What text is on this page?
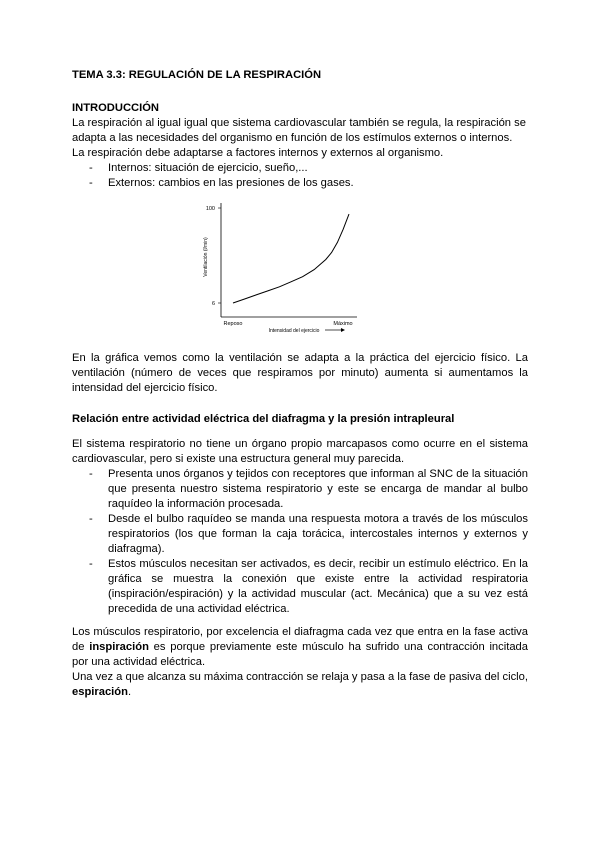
TEMA 3.3: REGULACIÓN DE LA RESPIRACIÓN

INTRODUCCIÓN

La respiración al igual igual que sistema cardiovascular también se regula, la respiración se adapta a las necesidades del organismo en función de los estímulos externos o internos.

La respiración debe adaptarse a factores internos y externos al organismo.

- Internos: situación de ejercicio, sueño,...
- Externos: cambios en las presiones de los gases.
100
6
Ventilación (l/min)
Reposo	Máximo
Intensidad del ejercicio

En la gráfica vemos como la ventilación se adapta a la práctica del ejercicio físico. La ventilación (número de veces que respiramos por minuto) aumenta si aumentamos la intensidad del ejercicio físico.

Relación entre actividad eléctrica del diafragma y la presión intrapleural

El sistema respiratorio no tiene un órgano propio marcapasos como ocurre en el sistema cardiovascular, pero si existe una estructura general muy parecida.

- Presenta unos órganos y tejidos con receptores que informan al SNC de la situación que presenta nuestro sistema respiratorio y este se encarga de mandar al bulbo raquídeo la información procesada.
- Desde el bulbo raquídeo se manda una respuesta motora a través de los músculos respiratorios (los que forman la caja torácica, intercostales internos y externos y diafragma).
- Estos músculos necesitan ser activados, es decir, recibir un estímulo eléctrico. En la gráfica se muestra la conexión que existe entre la actividad respiratoria (inspiración/espiración) y la actividad muscular (act. Mecánica) que a su vez está precedida de una actividad eléctrica.

Los músculos respiratorio, por excelencia el diafragma cada vez que entra en la fase activa de inspiración es porque previamente este músculo ha sufrido una contracción incitada por una actividad eléctrica.

Una vez a que alcanza su máxima contracción se relaja y pasa a la fase de pasiva del ciclo, espiración.
